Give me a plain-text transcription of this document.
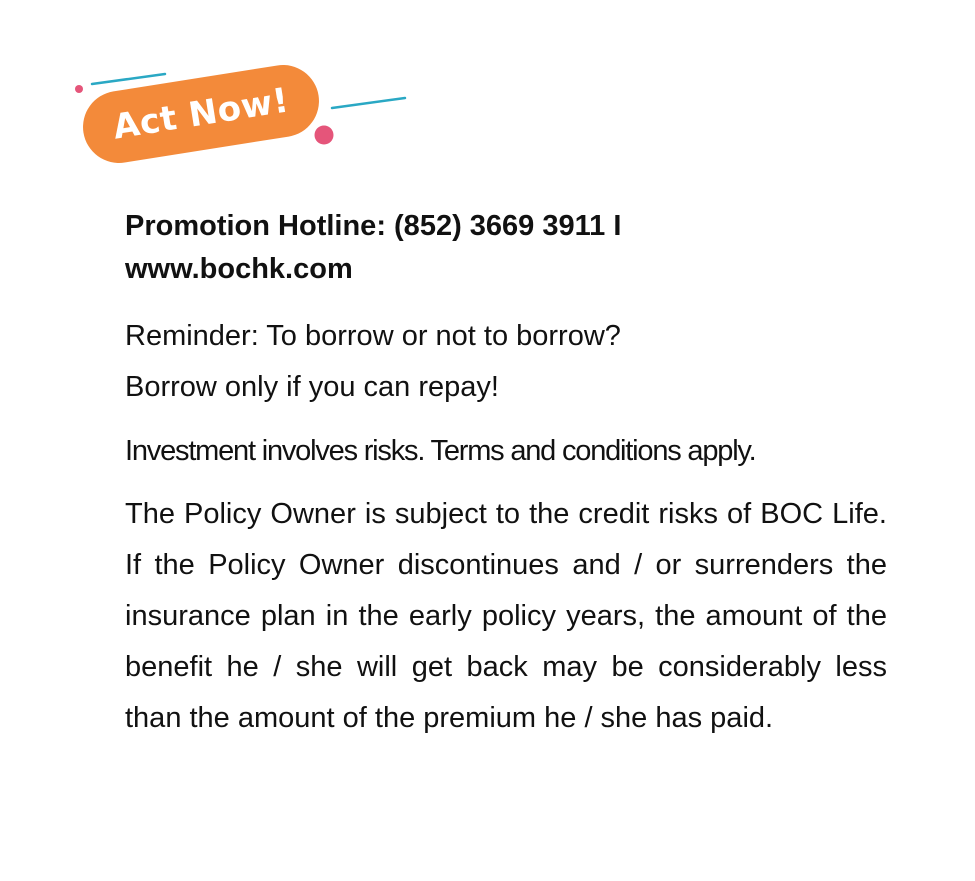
Act Now!
Promotion Hotline: (852) 3669 3911 I
www.bochk.com
Reminder: To borrow or not to borrow?
Borrow only if you can repay!
Investment involves risks. Terms and conditions apply.

The Policy Owner is subject to the credit risks of BOC Life. If the Policy Owner discontinues and / or surrenders the insurance plan in the early policy years, the amount of the benefit he / she will get back may be considerably less than the amount of the premium he / she has paid.
